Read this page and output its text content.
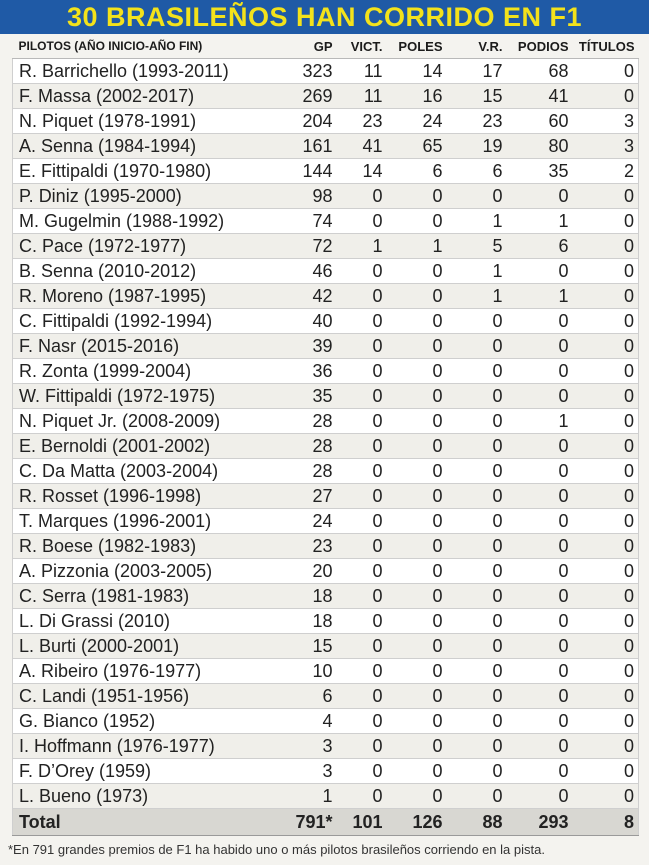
30 BRASILEÑOS HAN CORRIDO EN F1
PILOTOS (AÑO INICIO-AÑO FIN)	GP	VICT.	POLES	V.R.	PODIOS	TÍTULOS
R. Barrichello (1993-2011)	323	11	14	17	68	0
F. Massa (2002-2017)	269	11	16	15	41	0
N. Piquet (1978-1991)	204	23	24	23	60	3
A. Senna (1984-1994)	161	41	65	19	80	3
E. Fittipaldi (1970-1980)	144	14	6	6	35	2
P. Diniz (1995-2000)	98	0	0	0	0	0
M. Gugelmin (1988-1992)	74	0	0	1	1	0
C. Pace (1972-1977)	72	1	1	5	6	0
B. Senna (2010-2012)	46	0	0	1	0	0
R. Moreno (1987-1995)	42	0	0	1	1	0
C. Fittipaldi (1992-1994)	40	0	0	0	0	0
F. Nasr (2015-2016)	39	0	0	0	0	0
R. Zonta (1999-2004)	36	0	0	0	0	0
W. Fittipaldi (1972-1975)	35	0	0	0	0	0
N. Piquet Jr. (2008-2009)	28	0	0	0	1	0
E. Bernoldi (2001-2002)	28	0	0	0	0	0
C. Da Matta (2003-2004)	28	0	0	0	0	0
R. Rosset (1996-1998)	27	0	0	0	0	0
T. Marques (1996-2001)	24	0	0	0	0	0
R. Boese (1982-1983)	23	0	0	0	0	0
A. Pizzonia (2003-2005)	20	0	0	0	0	0
C. Serra (1981-1983)	18	0	0	0	0	0
L. Di Grassi (2010)	18	0	0	0	0	0
L. Burti (2000-2001)	15	0	0	0	0	0
A. Ribeiro (1976-1977)	10	0	0	0	0	0
C. Landi (1951-1956)	6	0	0	0	0	0
G. Bianco (1952)	4	0	0	0	0	0
I. Hoffmann (1976-1977)	3	0	0	0	0	0
F. D’Orey (1959)	3	0	0	0	0	0
L. Bueno (1973)	1	0	0	0	0	0
Total	791*	101	126	88	293	8
*En 791 grandes premios de F1 ha habido uno o más pilotos brasileños corriendo en la pista.
